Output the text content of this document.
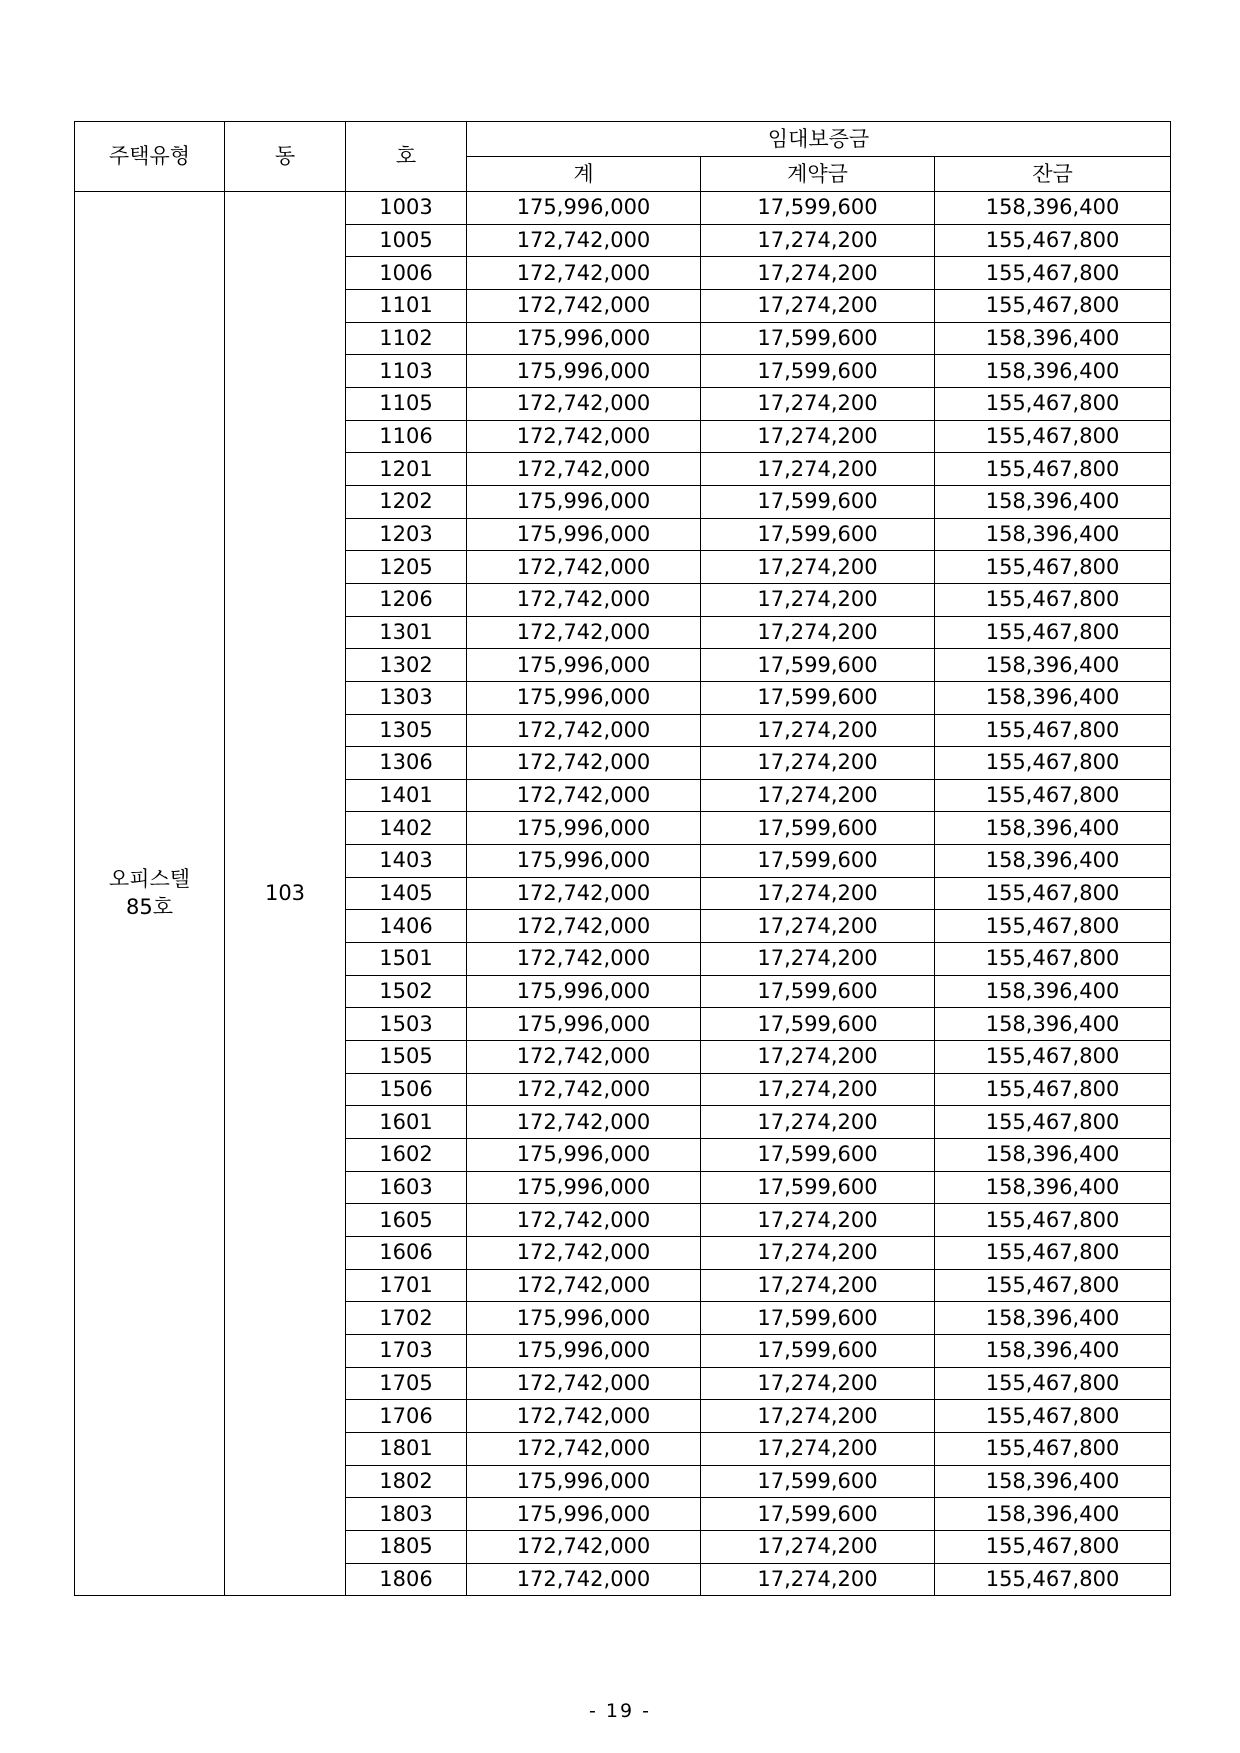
주택유형	동	호	임대보증금		
			계	계약금	잔금
오피스텔
85호	103	1003	175,996,000	17,599,600	158,396,400
		1005	172,742,000	17,274,200	155,467,800
		1006	172,742,000	17,274,200	155,467,800
		1101	172,742,000	17,274,200	155,467,800
		1102	175,996,000	17,599,600	158,396,400
		1103	175,996,000	17,599,600	158,396,400
		1105	172,742,000	17,274,200	155,467,800
		1106	172,742,000	17,274,200	155,467,800
		1201	172,742,000	17,274,200	155,467,800
		1202	175,996,000	17,599,600	158,396,400
		1203	175,996,000	17,599,600	158,396,400
		1205	172,742,000	17,274,200	155,467,800
		1206	172,742,000	17,274,200	155,467,800
		1301	172,742,000	17,274,200	155,467,800
		1302	175,996,000	17,599,600	158,396,400
		1303	175,996,000	17,599,600	158,396,400
		1305	172,742,000	17,274,200	155,467,800
		1306	172,742,000	17,274,200	155,467,800
		1401	172,742,000	17,274,200	155,467,800
		1402	175,996,000	17,599,600	158,396,400
		1403	175,996,000	17,599,600	158,396,400
		1405	172,742,000	17,274,200	155,467,800
		1406	172,742,000	17,274,200	155,467,800
		1501	172,742,000	17,274,200	155,467,800
		1502	175,996,000	17,599,600	158,396,400
		1503	175,996,000	17,599,600	158,396,400
		1505	172,742,000	17,274,200	155,467,800
		1506	172,742,000	17,274,200	155,467,800
		1601	172,742,000	17,274,200	155,467,800
		1602	175,996,000	17,599,600	158,396,400
		1603	175,996,000	17,599,600	158,396,400
		1605	172,742,000	17,274,200	155,467,800
		1606	172,742,000	17,274,200	155,467,800
		1701	172,742,000	17,274,200	155,467,800
		1702	175,996,000	17,599,600	158,396,400
		1703	175,996,000	17,599,600	158,396,400
		1705	172,742,000	17,274,200	155,467,800
		1706	172,742,000	17,274,200	155,467,800
		1801	172,742,000	17,274,200	155,467,800
		1802	175,996,000	17,599,600	158,396,400
		1803	175,996,000	17,599,600	158,396,400
		1805	172,742,000	17,274,200	155,467,800
		1806	172,742,000	17,274,200	155,467,800
- 19 -
